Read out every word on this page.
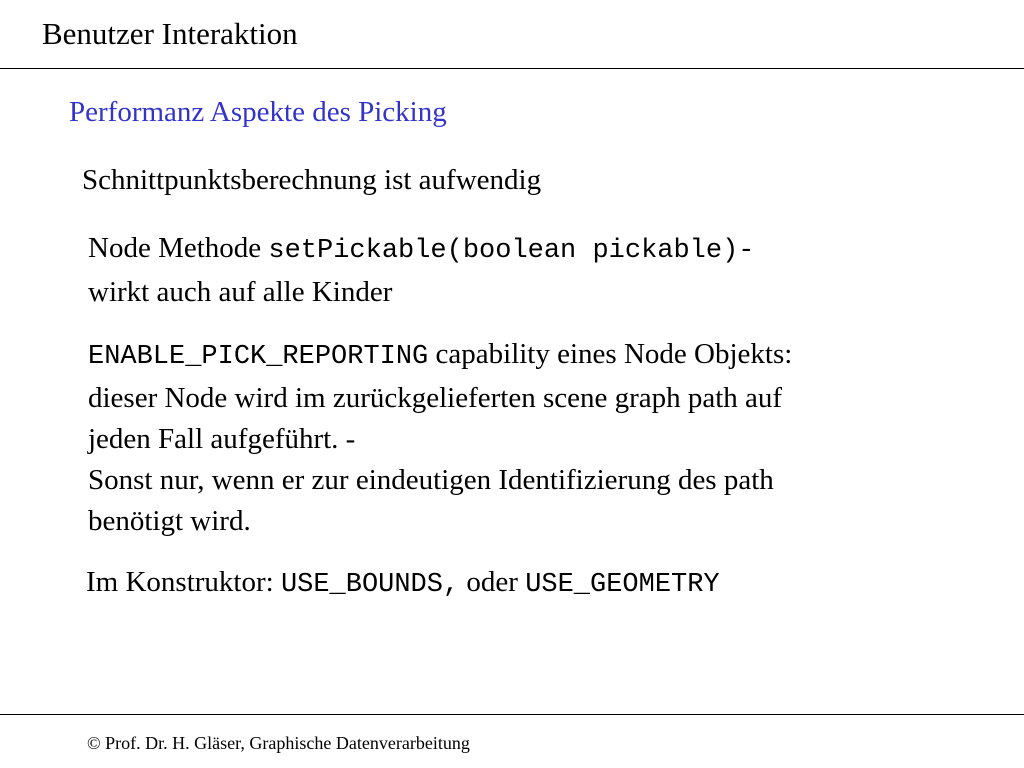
Benutzer Interaktion
Performanz Aspekte des Picking
Schnittpunktsberechnung ist aufwendig
Node Methode setPickable(boolean pickable)-
wirkt auch auf alle Kinder
ENABLE_PICK_REPORTING capability eines Node Objekts:
dieser Node wird im zurückgelieferten scene graph path auf
jeden Fall aufgeführt. -
Sonst nur, wenn er zur eindeutigen Identifizierung des path
benötigt wird.
Im Konstruktor: USE_BOUNDS, oder USE_GEOMETRY
© Prof. Dr. H. Gläser, Graphische Datenverarbeitung
